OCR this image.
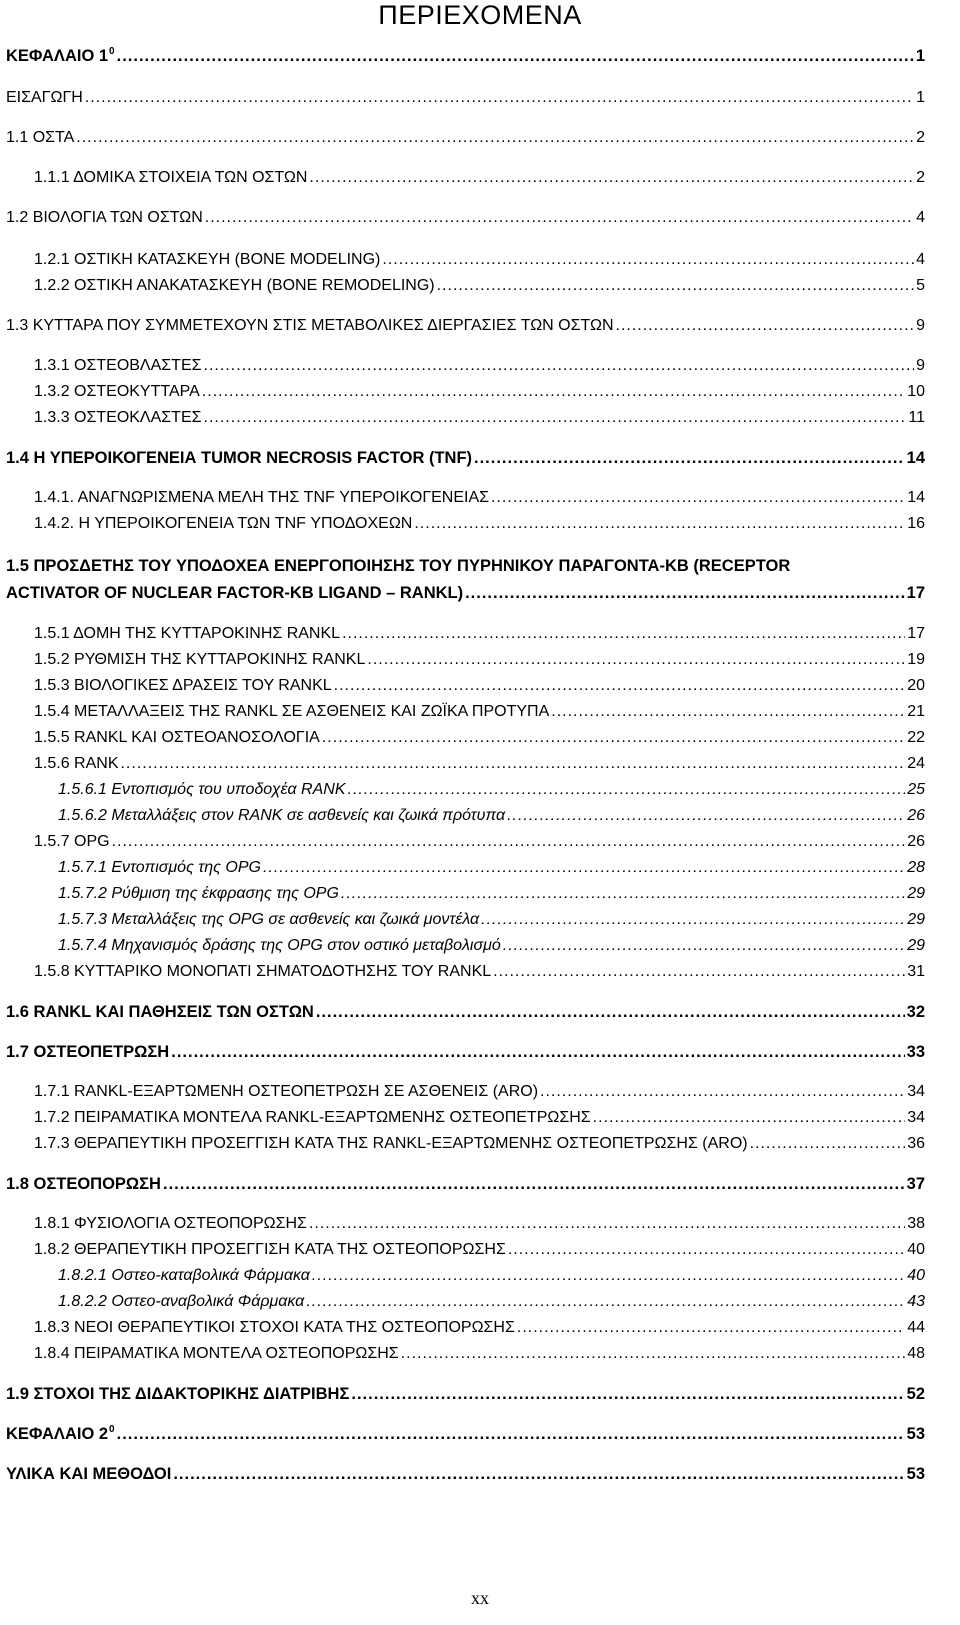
ΠΕΡΙΕΧΟΜΕΝΑ
ΚΕΦΑΛΑΙΟ $1^0$ .....	1
ΕΙΣΑΓΩΓΗ .....	1
1.1 ΟΣΤΑ .....	2
1.1.1 ΔΟΜΙΚΑ ΣΤΟΙΧΕΙΑ ΤΩΝ ΟΣΤΩΝ .....	2
1.2 ΒΙΟΛΟΓΙΑ ΤΩΝ ΟΣΤΩΝ .....	4
1.2.1 ΟΣΤΙΚΗ ΚΑΤΑΣΚΕΥΗ (BONE MODELING) .....	4
1.2.2 ΟΣΤΙΚΗ ΑΝΑΚΑΤΑΣΚΕΥΗ (BONE REMODELING) .....	5
1.3 ΚΥΤΤΑΡΑ ΠΟΥ ΣΥΜΜΕΤΕΧΟΥΝ ΣΤΙΣ ΜΕΤΑΒΟΛΙΚΕΣ ΔΙΕΡΓΑΣΙΕΣ ΤΩΝ ΟΣΤΩΝ .....	9
1.3.1 ΟΣΤΕΟΒΛΑΣΤΕΣ .....	9
1.3.2 ΟΣΤΕΟΚΥΤΤΑΡΑ .....	10
1.3.3 ΟΣΤΕΟΚΛΑΣΤΕΣ .....	11
1.4 Η ΥΠΕΡΟΙΚΟΓΕΝΕΙΑ TUMOR NECROSIS FACTOR (TNF) .....	14
1.4.1. ΑΝΑΓΝΩΡΙΣΜΕΝΑ ΜΕΛΗ ΤΗΣ TNF ΥΠΕΡΟΙΚΟΓΕΝΕΙΑΣ .....	14
1.4.2. Η ΥΠΕΡΟΙΚΟΓΕΝΕΙΑ ΤΩΝ TNF ΥΠΟΔΟΧΕΩΝ .....	16
1.5 ΠΡΟΣΔΕΤΗΣ ΤΟΥ ΥΠΟΔΟΧΕΑ ΕΝΕΡΓΟΠΟΙΗΣΗΣ ΤΟΥ ΠΥΡΗΝΙΚΟΥ ΠΑΡΑΓΟΝΤΑ-ΚΒ (RECEPTOR
ACTIVATOR OF NUCLEAR FACTOR-KB LIGAND – RANKL) .....	17
1.5.1 ΔΟΜΗ ΤΗΣ ΚΥΤΤΑΡΟΚΙΝΗΣ RANKL .....	17
1.5.2 ΡΥΘΜΙΣΗ ΤΗΣ ΚΥΤΤΑΡΟΚΙΝΗΣ RANKL .....	19
1.5.3 ΒΙΟΛΟΓΙΚΕΣ ΔΡΑΣΕΙΣ ΤΟΥ RANKL .....	20
1.5.4 ΜΕΤΑΛΛΑΞΕΙΣ ΤΗΣ RANKL ΣΕ ΑΣΘΕΝΕΙΣ ΚΑΙ ΖΩΪΚΑ ΠΡΟΤΥΠΑ .....	21
1.5.5 RANKL ΚΑΙ ΟΣΤΕΟΑΝΟΣΟΛΟΓΙΑ .....	22
1.5.6 RANK .....	24
1.5.6.1 Εντοπισμός του υποδοχέα RANK .....	25
1.5.6.2 Μεταλλάξεις στον RANK σε ασθενείς και ζωικά πρότυπα .....	26
1.5.7 OPG .....	26
1.5.7.1 Εντοπισμός της OPG .....	28
1.5.7.2 Ρύθμιση της έκφρασης της OPG .....	29
1.5.7.3 Μεταλλάξεις της OPG σε ασθενείς και ζωικά μοντέλα .....	29
1.5.7.4 Μηχανισμός δράσης της OPG στον οστικό μεταβολισμό .....	29
1.5.8 ΚΥΤΤΑΡΙΚΟ ΜΟΝΟΠΑΤΙ ΣΗΜΑΤΟΔΟΤΗΣΗΣ ΤΟΥ RANKL .....	31
1.6 RANKL ΚΑΙ ΠΑΘΗΣΕΙΣ ΤΩΝ ΟΣΤΩΝ .....	32
1.7 ΟΣΤΕΟΠΕΤΡΩΣΗ .....	33
1.7.1 RANKL-ΕΞΑΡΤΩΜΕΝΗ ΟΣΤΕΟΠΕΤΡΩΣΗ ΣΕ ΑΣΘΕΝΕΙΣ (ARO) .....	34
1.7.2 ΠΕΙΡΑΜΑΤΙΚΑ ΜΟΝΤΕΛΑ RANKL-ΕΞΑΡΤΩΜΕΝΗΣ ΟΣΤΕΟΠΕΤΡΩΣΗΣ .....	34
1.7.3 ΘΕΡΑΠΕΥΤΙΚΗ ΠΡΟΣΕΓΓΙΣΗ ΚΑΤΑ ΤΗΣ RANKL-ΕΞΑΡΤΩΜΕΝΗΣ ΟΣΤΕΟΠΕΤΡΩΣΗΣ (ARO) .....	36
1.8 ΟΣΤΕΟΠΟΡΩΣΗ .....	37
1.8.1 ΦΥΣΙΟΛΟΓΙΑ ΟΣΤΕΟΠΟΡΩΣΗΣ .....	38
1.8.2 ΘΕΡΑΠΕΥΤΙΚΗ ΠΡΟΣΕΓΓΙΣΗ ΚΑΤΑ ΤΗΣ ΟΣΤΕΟΠΟΡΩΣΗΣ .....	40
1.8.2.1 Οστεο-καταβολικά Φάρμακα .....	40
1.8.2.2 Οστεο-αναβολικά Φάρμακα .....	43
1.8.3 ΝΕΟΙ ΘΕΡΑΠΕΥΤΙΚΟΙ ΣΤΟΧΟΙ ΚΑΤΑ ΤΗΣ ΟΣΤΕΟΠΟΡΩΣΗΣ .....	44
1.8.4 ΠΕΙΡΑΜΑΤΙΚΑ ΜΟΝΤΕΛΑ ΟΣΤΕΟΠΟΡΩΣΗΣ .....	48
1.9 ΣΤΟΧΟΙ ΤΗΣ ΔΙΔΑΚΤΟΡΙΚΗΣ ΔΙΑΤΡΙΒΗΣ .....	52
ΚΕΦΑΛΑΙΟ $2^0$ .....	53
ΥΛΙΚΑ ΚΑΙ ΜΕΘΟΔΟΙ .....	53
xx
